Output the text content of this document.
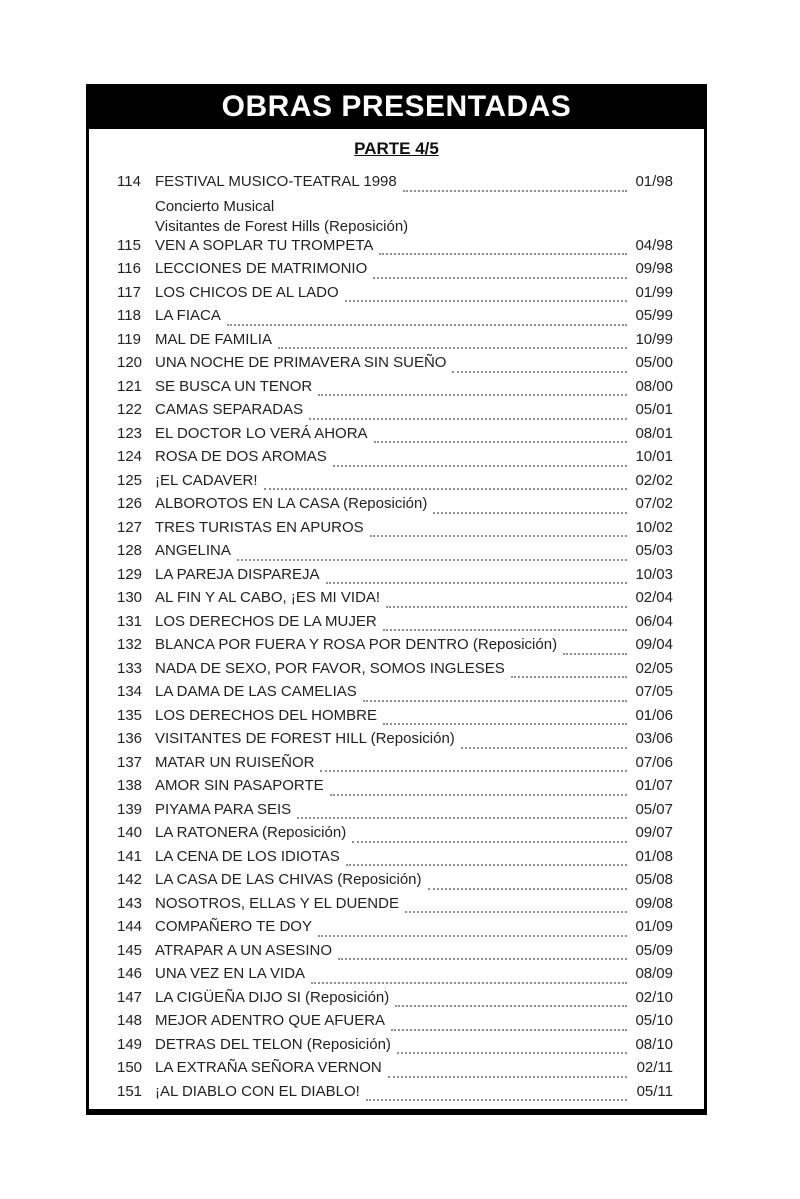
OBRAS PRESENTADAS
PARTE 4/5
114 FESTIVAL MUSICO-TEATRAL 1998	01/98
Concierto Musical
Visitantes de Forest Hills (Reposición)
115 VEN A SOPLAR TU TROMPETA	04/98
116 LECCIONES DE MATRIMONIO	09/98
117 LOS CHICOS DE AL LADO	01/99
118 LA FIACA	05/99
119 MAL DE FAMILIA	10/99
120 UNA NOCHE DE PRIMAVERA SIN SUEÑO	05/00
121 SE BUSCA UN TENOR	08/00
122 CAMAS SEPARADAS	05/01
123 EL DOCTOR LO VERÁ AHORA	08/01
124 ROSA DE DOS AROMAS	10/01
125 ¡EL CADAVER!	02/02
126 ALBOROTOS EN LA CASA (Reposición)	07/02
127 TRES TURISTAS EN APUROS	10/02
128 ANGELINA	05/03
129 LA PAREJA DISPAREJA	10/03
130 AL FIN Y AL CABO, ¡ES MI VIDA!	02/04
131 LOS DERECHOS DE LA MUJER	06/04
132 BLANCA POR FUERA Y ROSA POR DENTRO (Reposición)	09/04
133 NADA DE SEXO, POR FAVOR, SOMOS INGLESES	02/05
134 LA DAMA DE LAS CAMELIAS	07/05
135 LOS DERECHOS DEL HOMBRE	01/06
136 VISITANTES DE FOREST HILL (Reposición)	03/06
137 MATAR UN RUISEÑOR	07/06
138 AMOR SIN PASAPORTE	01/07
139 PIYAMA PARA SEIS	05/07
140 LA RATONERA (Reposición)	09/07
141 LA CENA DE LOS IDIOTAS	01/08
142 LA CASA DE LAS CHIVAS (Reposición)	05/08
143 NOSOTROS, ELLAS Y EL DUENDE	09/08
144 COMPAÑERO TE DOY	01/09
145 ATRAPAR A UN ASESINO	05/09
146 UNA VEZ EN LA VIDA	08/09
147 LA CIGÜEÑA DIJO SI (Reposición)	02/10
148 MEJOR ADENTRO QUE AFUERA	05/10
149 DETRAS DEL TELON (Reposición)	08/10
150 LA EXTRAÑA SEÑORA VERNON	02/11
151 ¡AL DIABLO CON EL DIABLO!	05/11
